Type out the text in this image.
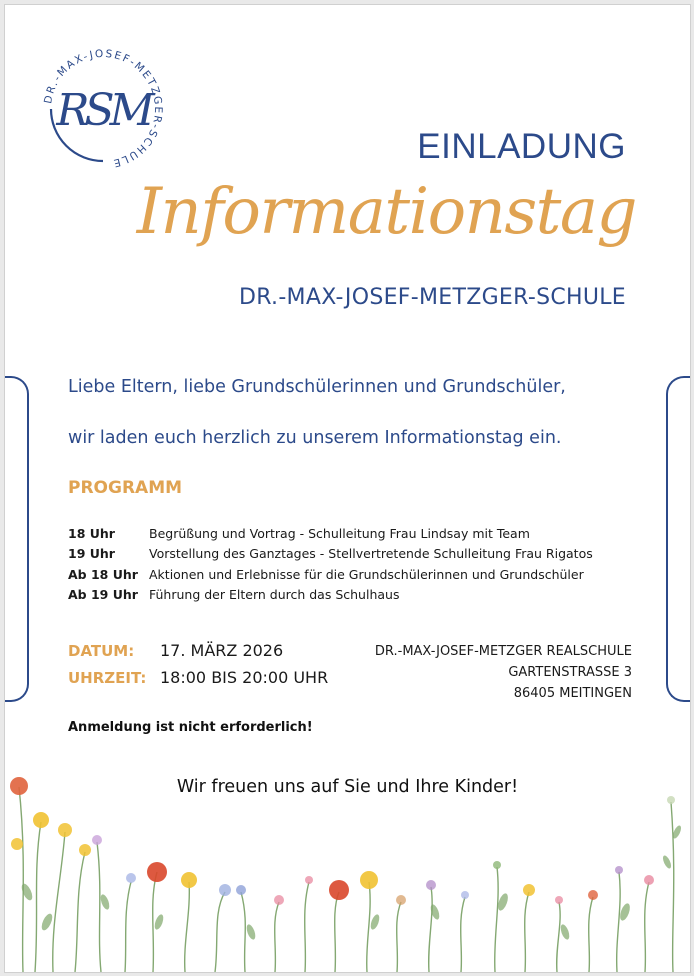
DR.-MAX-JOSEF-METZGER-SCHULE
RSM
EINLADUNG
Informationstag
DR.-MAX-JOSEF-METZGER-SCHULE
Liebe Eltern, liebe Grundschülerinnen und Grundschüler,
wir laden euch herzlich zu unserem Informationstag ein.
PROGRAMM
18 Uhr	Begrüßung und Vortrag - Schulleitung Frau Lindsay mit Team
19 Uhr	Vorstellung des Ganztages - Stellvertretende Schulleitung Frau Rigatos
Ab 18 Uhr Aktionen und Erlebnisse für die Grundschülerinnen und Grundschüler
Ab 19 Uhr Führung der Eltern durch das Schulhaus
DATUM:	17. MÄRZ 2026
UHRZEIT: 18:00 BIS 20:00 UHR
DR.-MAX-JOSEF-METZGER REALSCHULE
GARTENSTRASSE 3
86405 MEITINGEN
Anmeldung ist nicht erforderlich!
Wir freuen uns auf Sie und Ihre Kinder!
